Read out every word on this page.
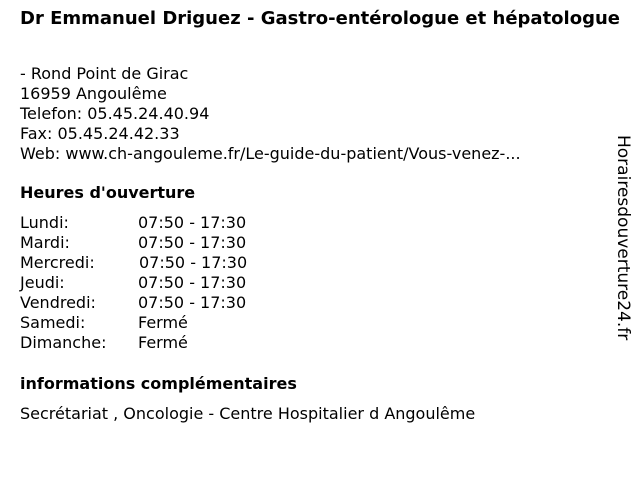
Dr Emmanuel Driguez - Gastro-entérologue et hépatologue
- Rond Point de Girac
16959 Angoulême
Telefon: 05.45.24.40.94
Fax: 05.45.24.42.33
Web: www.ch-angouleme.fr/Le-guide-du-patient/Vous-venez-...
Heures d'ouverture
Lundi:	07:50 - 17:30
Mardi:	07:50 - 17:30
Mercredi:	07:50 - 17:30
Jeudi:	07:50 - 17:30
Vendredi:	07:50 - 17:30
Samedi:	Fermé
Dimanche: Fermé
informations complémentaires
Secrétariat , Oncologie - Centre Hospitalier d Angoulême
Horairesdouverture24.fr
